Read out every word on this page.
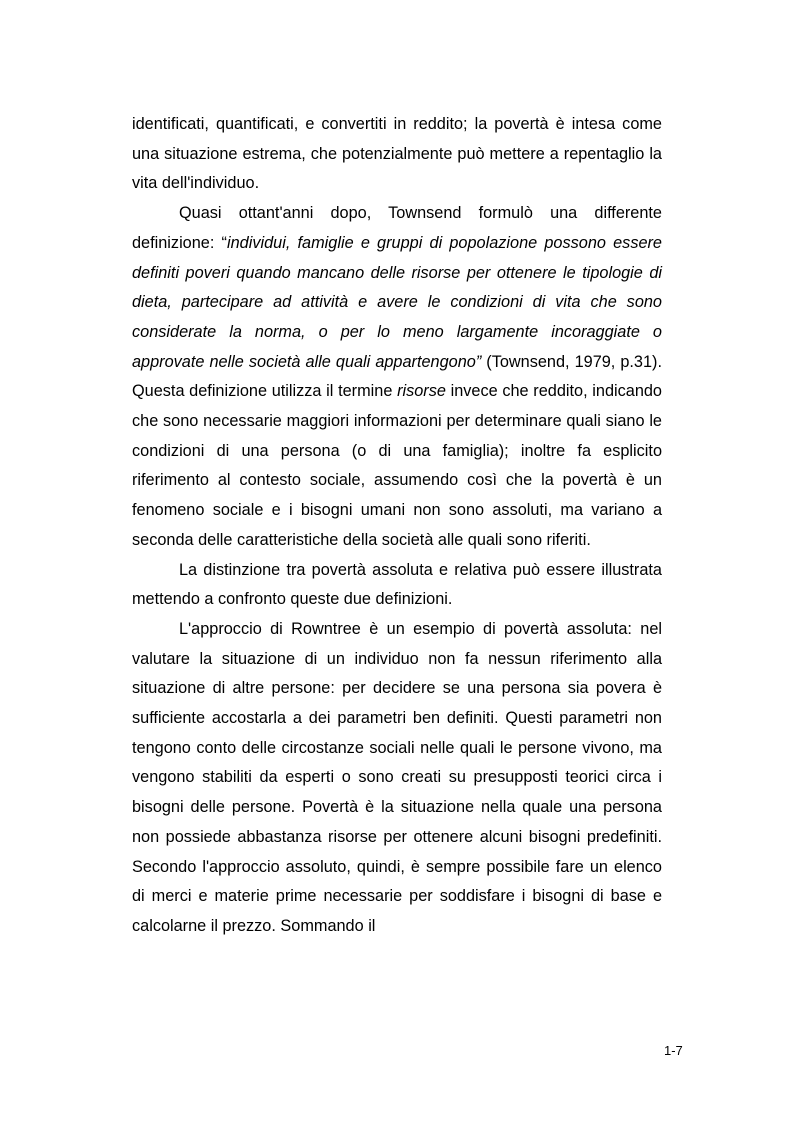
identificati, quantificati, e convertiti in reddito; la povertà è intesa come una situazione estrema, che potenzialmente può mettere a repentaglio la vita dell'individuo.

Quasi ottant'anni dopo, Townsend formulò una differente definizione: “individui, famiglie e gruppi di popolazione possono essere definiti poveri quando mancano delle risorse per ottenere le tipologie di dieta, partecipare ad attività e avere le condizioni di vita che sono considerate la norma, o per lo meno largamente incoraggiate o approvate nelle società alle quali appartengono” (Townsend, 1979, p.31). Questa definizione utilizza il termine risorse invece che reddito, indicando che sono necessarie maggiori informazioni per determinare quali siano le condizioni di una persona (o di una famiglia); inoltre fa esplicito riferimento al contesto sociale, assumendo così che la povertà è un fenomeno sociale e i bisogni umani non sono assoluti, ma variano a seconda delle caratteristiche della società alle quali sono riferiti.

La distinzione tra povertà assoluta e relativa può essere illustrata mettendo a confronto queste due definizioni.

L'approccio di Rowntree è un esempio di povertà assoluta: nel valutare la situazione di un individuo non fa nessun riferimento alla situazione di altre persone: per decidere se una persona sia povera è sufficiente accostarla a dei parametri ben definiti. Questi parametri non tengono conto delle circostanze sociali nelle quali le persone vivono, ma vengono stabiliti da esperti o sono creati su presupposti teorici circa i bisogni delle persone. Povertà è la situazione nella quale una persona non possiede abbastanza risorse per ottenere alcuni bisogni predefiniti. Secondo l'approccio assoluto, quindi, è sempre possibile fare un elenco di merci e materie prime necessarie per soddisfare i bisogni di base e calcolarne il prezzo. Sommando il

1-7
